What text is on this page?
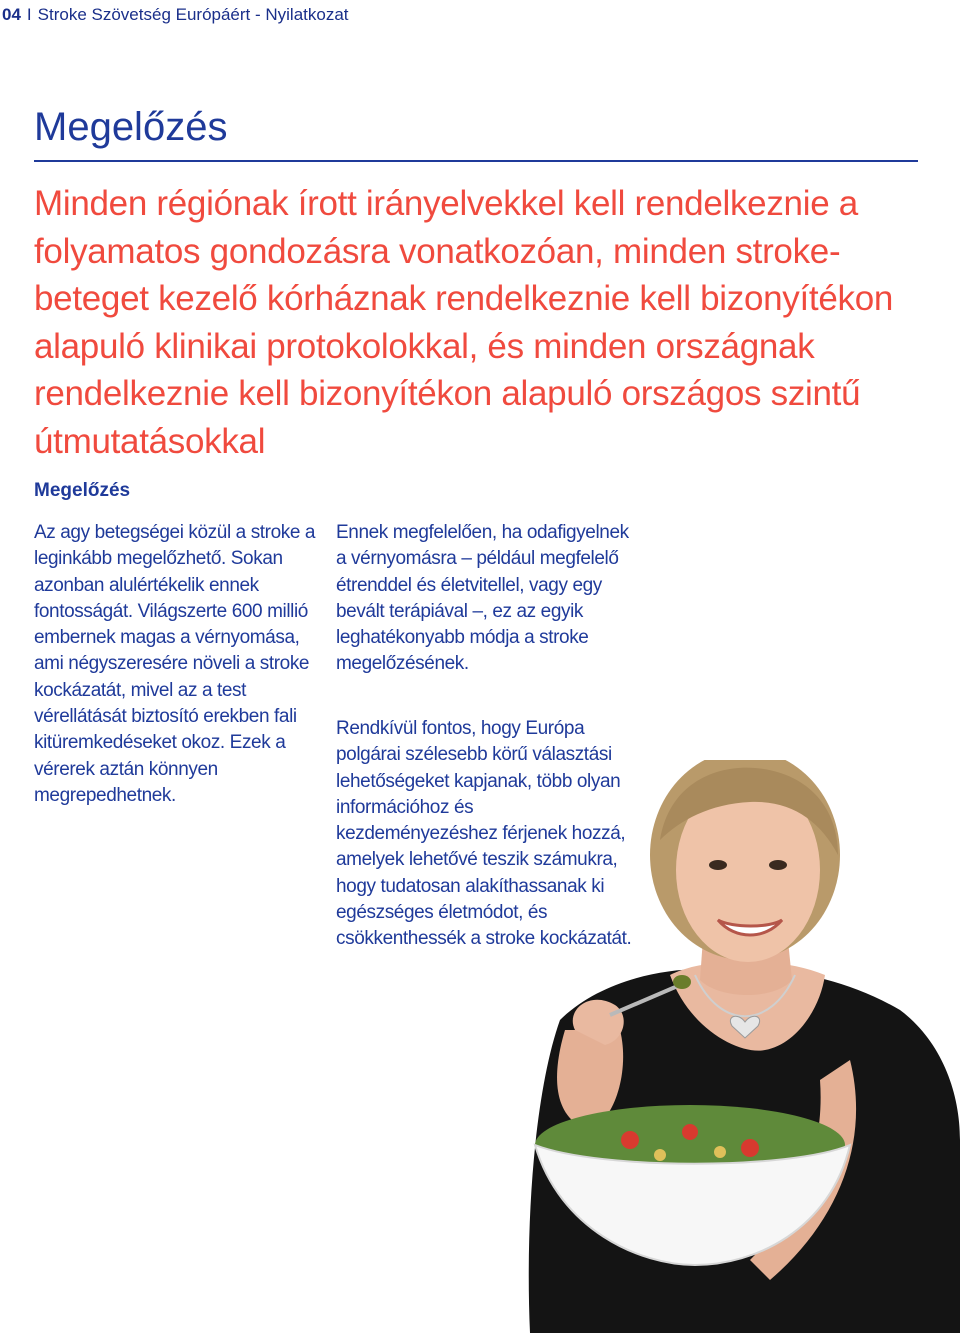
04 I Stroke Szövetség Európáért - Nyilatkozat
Megelőzés

Minden régiónak írott irányelvekkel kell rendelkeznie a folyamatos gondozásra vonatkozóan, minden stroke-beteget kezelő kórháznak rendelkeznie kell bizonyítékon alapuló klinikai protokolokkal, és minden országnak rendelkeznie kell bizonyítékon alapuló országos szintű útmutatásokkal

Megelőzés

Az agy betegségei közül a stroke a leginkább megelőzhető. Sokan azonban alulértékelik ennek fontosságát. Világszerte 600 millió embernek magas a vérnyomása, ami négyszeresére növeli a stroke kockázatát, mivel az a test vérellátását biztosító erekben fali kitüremkedéseket okoz. Ezek a vérerek aztán könnyen megrepedhetnek.

Ennek megfelelően, ha odafigyelnek a vérnyomásra – például megfelelő étrenddel és életvitellel, vagy egy bevált terápiával –, ez az egyik leghatékonyabb módja a stroke megelőzésének.

Rendkívül fontos, hogy Európa polgárai szélesebb körű választási lehetőségeket kapjanak, több olyan információhoz és kezdeményezéshez férjenek hozzá, amelyek lehetővé teszik számukra, hogy tudatosan alakíthassanak ki egészséges életmódot, és csökkenthessék a stroke kockázatát.
